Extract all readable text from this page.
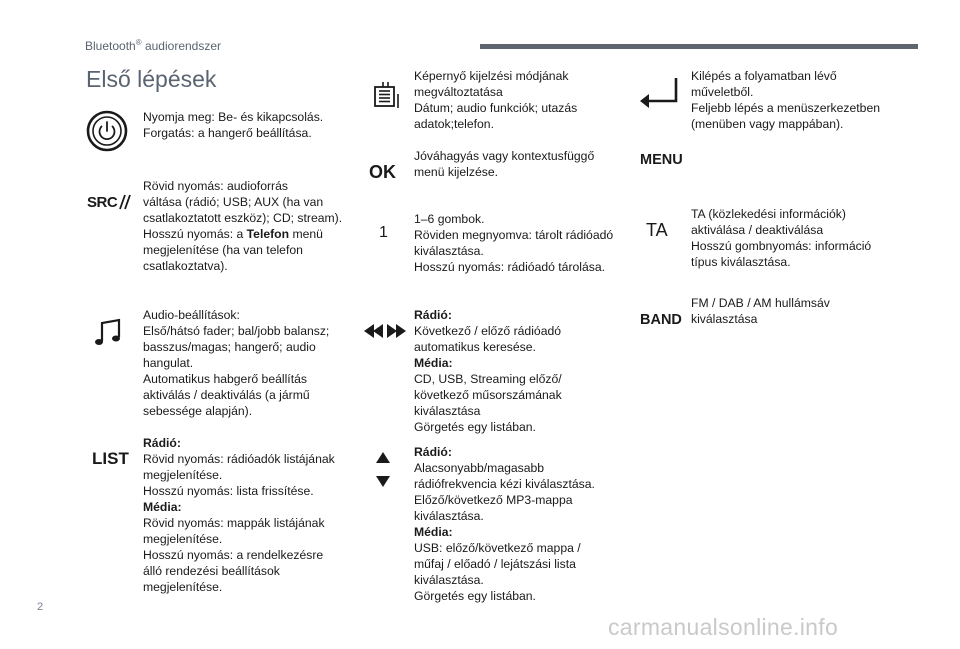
Bluetooth® audiorendszer
Első lépések
Nyomja meg: Be- és kikapcsolás.
Forgatás: a hangerő beállítása.
SRC
Rövid nyomás: audioforrás
váltása (rádió; USB; AUX (ha van
csatlakoztatott eszköz); CD; stream).
Hosszú nyomás: a Telefon menü
megjelenítése (ha van telefon
csatlakoztatva).
Audio-beállítások:
Első/hátsó fader; bal/jobb balansz;
basszus/magas; hangerő; audio
hangulat.
Automatikus habgerő beállítás
aktiválás / deaktiválás (a jármű
sebessége alapján).
LIST
Rádió:
Rövid nyomás: rádióadók listájának
megjelenítése.
Hosszú nyomás: lista frissítése.
Média:
Rövid nyomás: mappák listájának
megjelenítése.
Hosszú nyomás: a rendelkezésre
álló rendezési beállítások
megjelenítése.
Képernyő kijelzési módjának
megváltoztatása
Dátum; audio funkciók; utazás
adatok;telefon.
OK
Jóváhagyás vagy kontextusfüggő
menü kijelzése.
1
1–6 gombok.
Röviden megnyomva: tárolt rádióadó
kiválasztása.
Hosszú nyomás: rádióadó tárolása.
Rádió:
Következő / előző rádióadó
automatikus keresése.
Média:
CD, USB, Streaming előző/
következő műsorszámának
kiválasztása
Görgetés egy listában.
Rádió:
Alacsonyabb/magasabb
rádiófrekvencia kézi kiválasztása.
Előző/következő MP3-mappa
kiválasztása.
Média:
USB: előző/következő mappa /
műfaj / előadó / lejátszási lista
kiválasztása.
Görgetés egy listában.
Kilépés a folyamatban lévő
műveletből.
Feljebb lépés a menüszerkezetben
(menüben vagy mappában).
MENU
TA
TA (közlekedési információk)
aktiválása / deaktiválása
Hosszú gombnyomás: információ
típus kiválasztása.
BAND
FM / DAB / AM hullámsáv
kiválasztása
2
carmanualsonline.info
